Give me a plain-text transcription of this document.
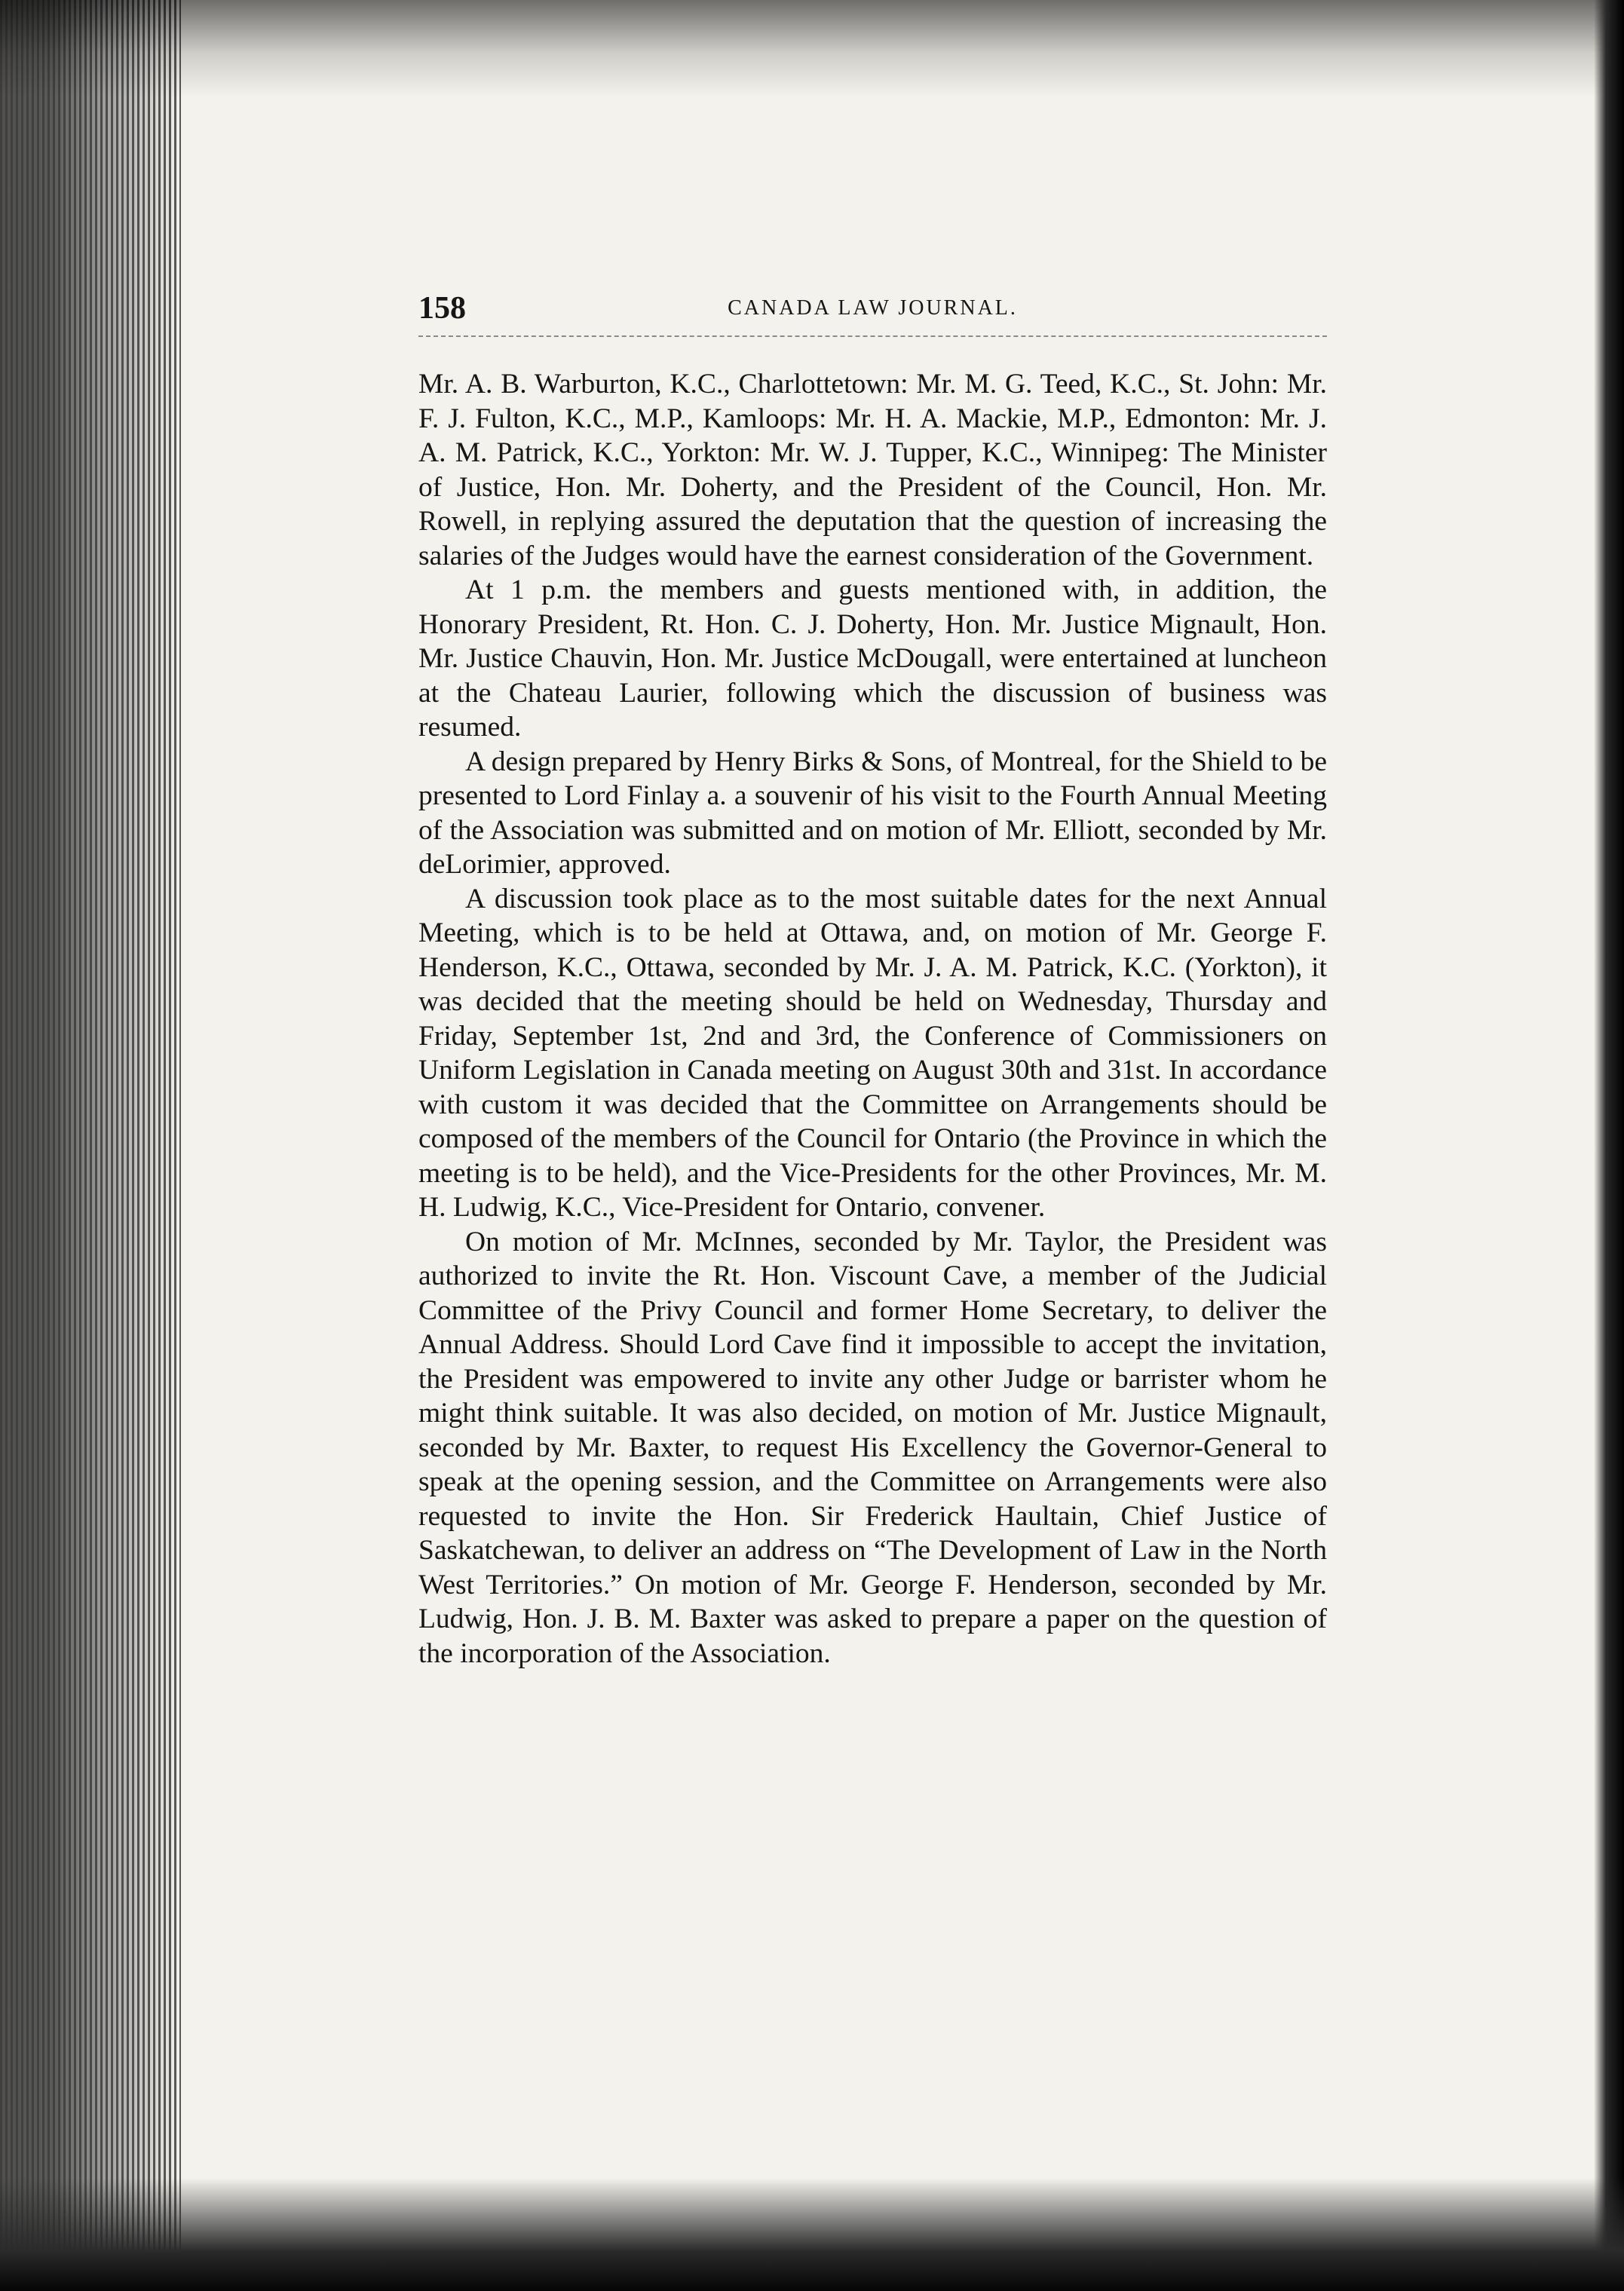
158	CANADA LAW JOURNAL.

Mr. A. B. Warburton, K.C., Charlottetown: Mr. M. G. Teed, K.C., St. John: Mr. F. J. Fulton, K.C., M.P., Kamloops: Mr. H. A. Mackie, M.P., Edmonton: Mr. J. A. M. Patrick, K.C., Yorkton: Mr. W. J. Tupper, K.C., Winnipeg: The Minister of Justice, Hon. Mr. Doherty, and the President of the Council, Hon. Mr. Rowell, in replying assured the deputation that the question of increasing the salaries of the Judges would have the earnest consideration of the Government.

At 1 p.m. the members and guests mentioned with, in addition, the Honorary President, Rt. Hon. C. J. Doherty, Hon. Mr. Justice Mignault, Hon. Mr. Justice Chauvin, Hon. Mr. Justice McDougall, were entertained at luncheon at the Chateau Laurier, following which the discussion of business was resumed.

A design prepared by Henry Birks & Sons, of Montreal, for the Shield to be presented to Lord Finlay a. a souvenir of his visit to the Fourth Annual Meeting of the Association was submitted and on motion of Mr. Elliott, seconded by Mr. deLorimier, approved.

A discussion took place as to the most suitable dates for the next Annual Meeting, which is to be held at Ottawa, and, on motion of Mr. George F. Henderson, K.C., Ottawa, seconded by Mr. J. A. M. Patrick, K.C. (Yorkton), it was decided that the meeting should be held on Wednesday, Thursday and Friday, September 1st, 2nd and 3rd, the Conference of Commissioners on Uniform Legislation in Canada meeting on August 30th and 31st. In accordance with custom it was decided that the Committee on Arrangements should be composed of the members of the Council for Ontario (the Province in which the meeting is to be held), and the Vice-Presidents for the other Provinces, Mr. M. H. Ludwig, K.C., Vice-President for Ontario, convener.

On motion of Mr. McInnes, seconded by Mr. Taylor, the President was authorized to invite the Rt. Hon. Viscount Cave, a member of the Judicial Committee of the Privy Council and former Home Secretary, to deliver the Annual Address. Should Lord Cave find it impossible to accept the invitation, the President was empowered to invite any other Judge or barrister whom he might think suitable. It was also decided, on motion of Mr. Justice Mignault, seconded by Mr. Baxter, to request His Excellency the Governor-General to speak at the opening session, and the Committee on Arrangements were also requested to invite the Hon. Sir Frederick Haultain, Chief Justice of Saskatchewan, to deliver an address on “The Development of Law in the North West Territories.” On motion of Mr. George F. Henderson, seconded by Mr. Ludwig, Hon. J. B. M. Baxter was asked to prepare a paper on the question of the incorporation of the Association.
